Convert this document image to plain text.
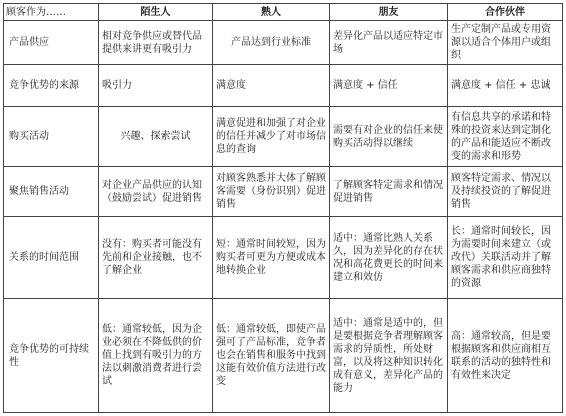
顾客作为……	陌生人	熟人	朋友	合作伙伴
产品供应	相对竞争供应或替代品提供来讲更有吸引力	产品达到行业标准	差异化产品以适应特定市场	生产定制产品或专用资源以适合个体用户或组织
竞争优势的来源	吸引力	满意度	满意度 + 信任	满意度 + 信任 + 忠诚
购买活动	兴趣、探索尝试	满意促进和加强了对企业的信任并减少了对市场信息的查询	需要有对企业的信任来使购买活动得以继续	有信息共享的承诺和特殊的投资来达到定制化的产品和能适应不断改变的需求和形势
聚焦销售活动	对企业产品供应的认知（鼓励尝试）促进销售	对顾客熟悉并大体了解顾客需要（身份识别）促进销售	了解顾客特定需求和情况促进销售	顾客特定需求、情况以及持续投资的了解促进销售
关系的时间范围	没有：购买者可能没有先前和企业接触，也不了解企业	短：通常时间较短，因为购买者可更为方便或成本地转换企业	适中：通常比熟人关系久，因为差异化的存在状况和高花费更长的时间来建立和效仿	长：通常时间较长，因为需要时间来建立（或改代）关联活动并了解顾客需求和供应商独特的资源
竞争优势的可持续性	低：通常较低，因为企业必须在不降低供的价值上找到有吸引力的方法以刺激消费者进行尝试	低：通常较低，即使产品强可了产品标准，竞争者也会在销售和服务中找到这能有效价值方法进行改变	适中：通常是适中的，但是要根据竞争者理解顾客需求的异质性，所处财富，以及将这种知识转化成有意义，差异化产品的能力	高：通常较高，但是要根据顾客和供应商相互联系的活动的独特性和有效性来决定
